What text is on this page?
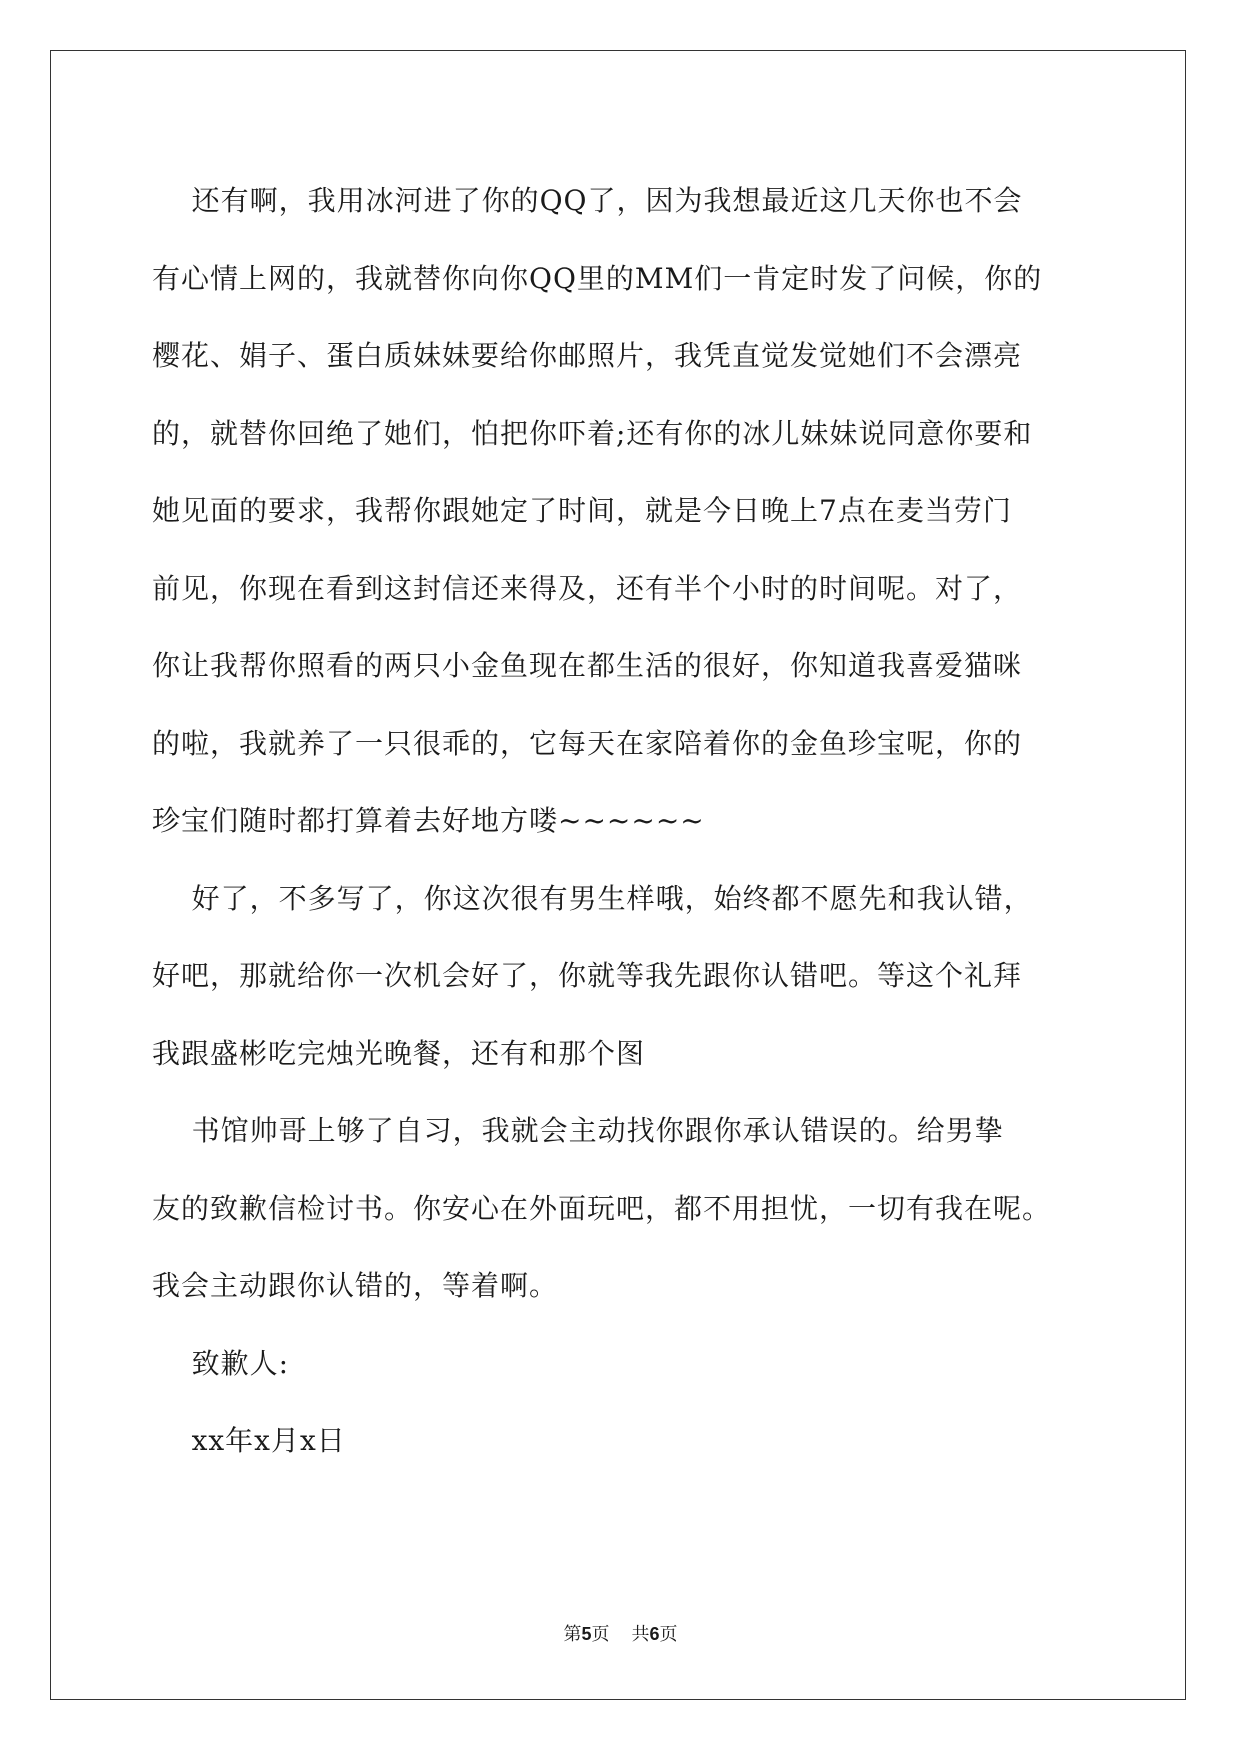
还有啊，我用冰河进了你的QQ了，因为我想最近这几天你也不会

有心情上网的，我就替你向你QQ里的MM们一肯定时发了问候，你的

樱花、娟子、蛋白质妹妹要给你邮照片，我凭直觉发觉她们不会漂亮

的，就替你回绝了她们，怕把你吓着;还有你的冰儿妹妹说同意你要和

她见面的要求，我帮你跟她定了时间，就是今日晚上7点在麦当劳门

前见，你现在看到这封信还来得及，还有半个小时的时间呢。对了，

你让我帮你照看的两只小金鱼现在都生活的很好，你知道我喜爱猫咪

的啦，我就养了一只很乖的，它每天在家陪着你的金鱼珍宝呢，你的

珍宝们随时都打算着去好地方喽~~~~~~

好了，不多写了，你这次很有男生样哦，始终都不愿先和我认错，

好吧，那就给你一次机会好了，你就等我先跟你认错吧。等这个礼拜

我跟盛彬吃完烛光晚餐，还有和那个图

书馆帅哥上够了自习，我就会主动找你跟你承认错误的。给男挚

友的致歉信检讨书。你安心在外面玩吧，都不用担忧，一切有我在呢。

我会主动跟你认错的，等着啊。

致歉人:

xx年x月x日

第5页 共6页
